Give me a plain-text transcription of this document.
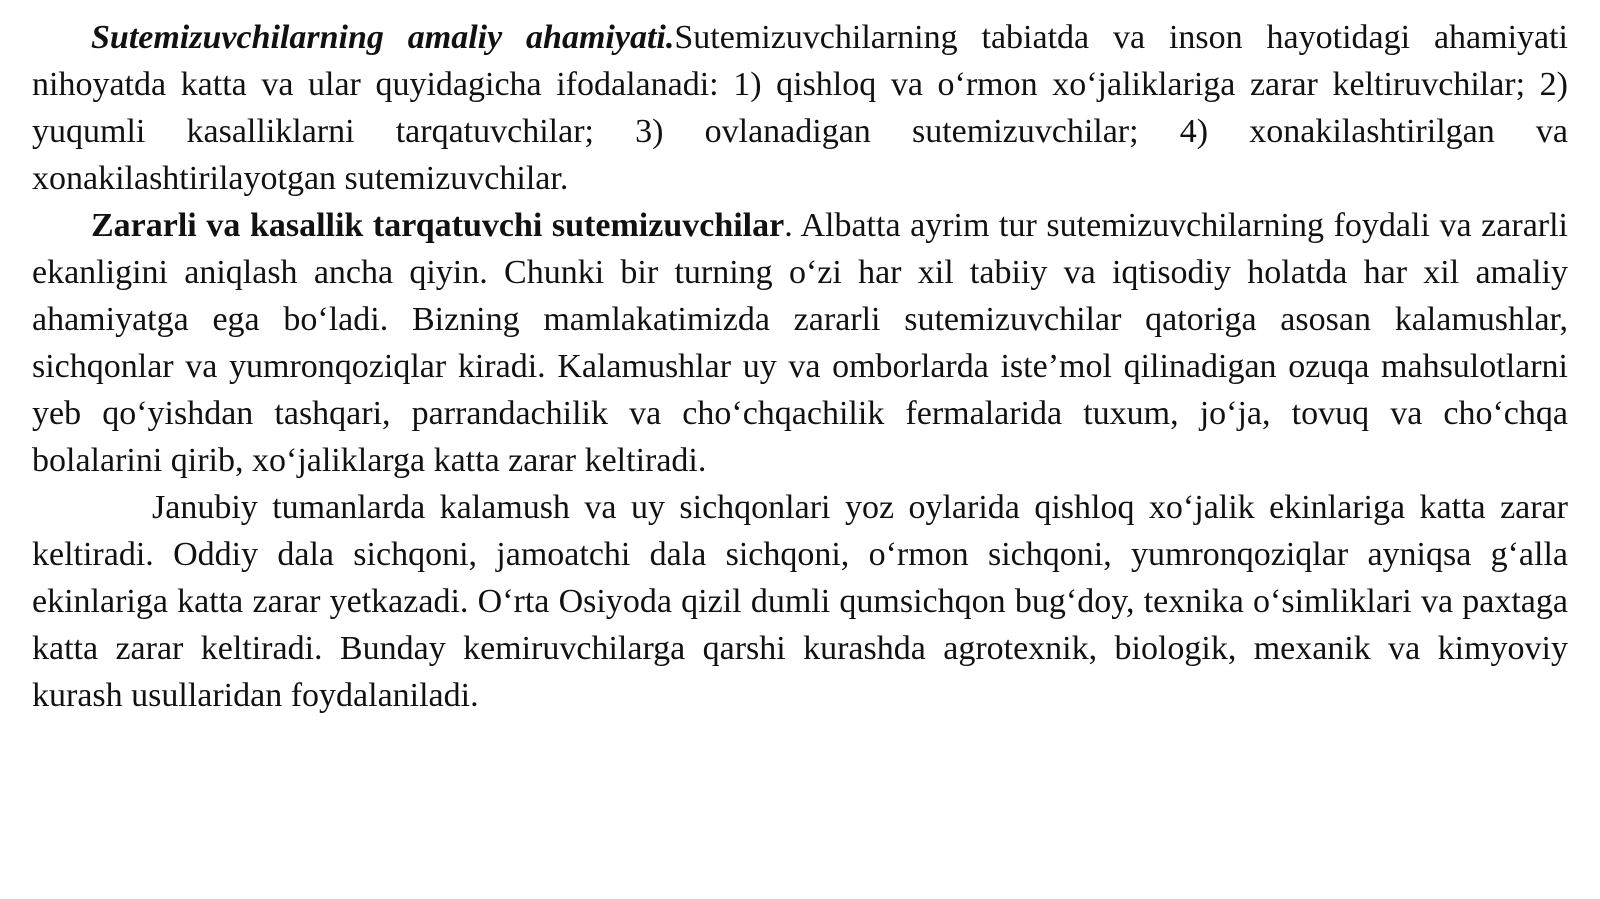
Sutemizuvchilarning amaliy ahamiyati.Sutemizuvchilarning tabiatda va inson hayotidagi ahamiyati nihoyatda katta va ular quyidagicha ifodalanadi: 1) qishloq va o‘rmon xo‘jaliklariga zarar keltiruvchilar; 2) yuqumli kasalliklarni tarqatuvchilar; 3) ovlanadigan sutemizuvchilar; 4) xonakilashtirilgan va xonakilashtirilayotgan sutemizuvchilar.

Zararli va kasallik tarqatuvchi sutemizuvchilar. Albatta ayrim tur sutemizuvchilarning foydali va zararli ekanligini aniqlash ancha qiyin. Chunki bir turning o‘zi har xil tabiiy va iqtisodiy holatda har xil amaliy ahamiyatga ega bo‘ladi. Bizning mamlakatimizda zararli sutemizuvchilar qatoriga asosan kalamushlar, sichqonlar va yumronqoziqlar kiradi. Kalamushlar uy va omborlarda iste’mol qilinadigan ozuqa mahsulotlarni yeb qo‘yishdan tashqari, parrandachilik va cho‘chqachilik fermalarida tuxum, jo‘ja, tovuq va cho‘chqa bolalarini qirib, xo‘jaliklarga katta zarar keltiradi.

Janubiy tumanlarda kalamush va uy sichqonlari yoz oylarida qishloq xo‘jalik ekinlariga katta zarar keltiradi. Oddiy dala sichqoni, jamoatchi dala sichqoni, o‘rmon sichqoni, yumronqoziqlar ayniqsa g‘alla ekinlariga katta zarar yetkazadi. O‘rta Osiyoda qizil dumli qumsichqon bug‘doy, texnika o‘simliklari va paxtaga katta zarar keltiradi. Bunday kemiruvchilarga qarshi kurashda agrotexnik, biologik, mexanik va kimyoviy kurash usullaridan foydalaniladi.
